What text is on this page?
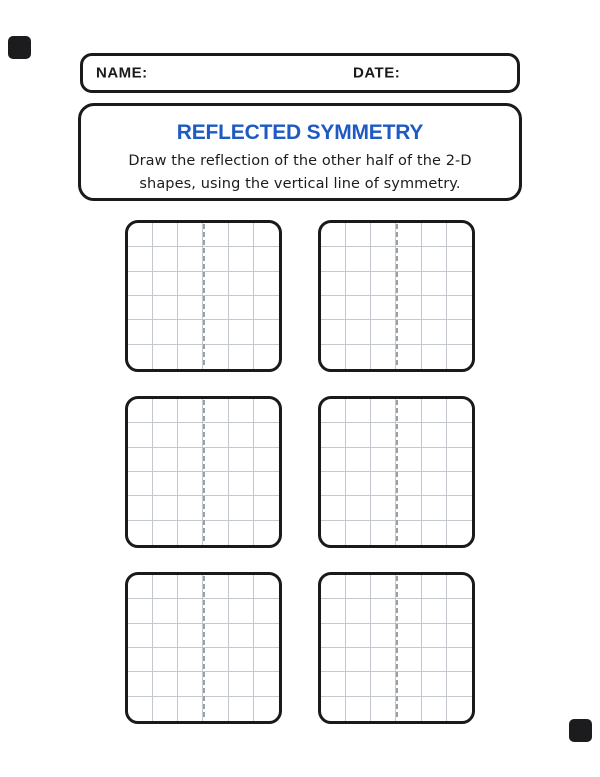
NAME:	DATE:
REFLECTED SYMMETRY
Draw the reflection of the other half of the 2-D
shapes, using the vertical line of symmetry.
